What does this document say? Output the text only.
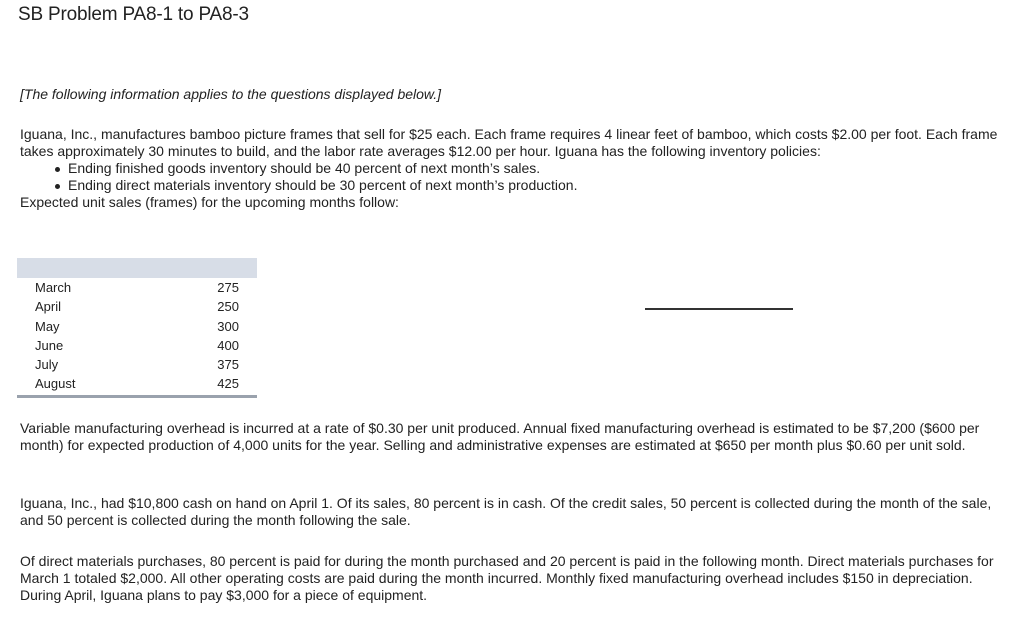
SB Problem PA8-1 to PA8-3
[The following information applies to the questions displayed below.]
Iguana, Inc., manufactures bamboo picture frames that sell for $25 each. Each frame requires 4 linear feet of bamboo, which costs $2.00 per foot. Each frame takes approximately 30 minutes to build, and the labor rate averages $12.00 per hour. Iguana has the following inventory policies:
Ending finished goods inventory should be 40 percent of next month’s sales.
Ending direct materials inventory should be 30 percent of next month’s production.
Expected unit sales (frames) for the upcoming months follow:
March	275
April	250
May	300
June	400
July	375
August	425
Variable manufacturing overhead is incurred at a rate of $0.30 per unit produced. Annual fixed manufacturing overhead is estimated to be $7,200 ($600 per month) for expected production of 4,000 units for the year. Selling and administrative expenses are estimated at $650 per month plus $0.60 per unit sold.
Iguana, Inc., had $10,800 cash on hand on April 1. Of its sales, 80 percent is in cash. Of the credit sales, 50 percent is collected during the month of the sale, and 50 percent is collected during the month following the sale.
Of direct materials purchases, 80 percent is paid for during the month purchased and 20 percent is paid in the following month. Direct materials purchases for March 1 totaled $2,000. All other operating costs are paid during the month incurred. Monthly fixed manufacturing overhead includes $150 in depreciation. During April, Iguana plans to pay $3,000 for a piece of equipment.
